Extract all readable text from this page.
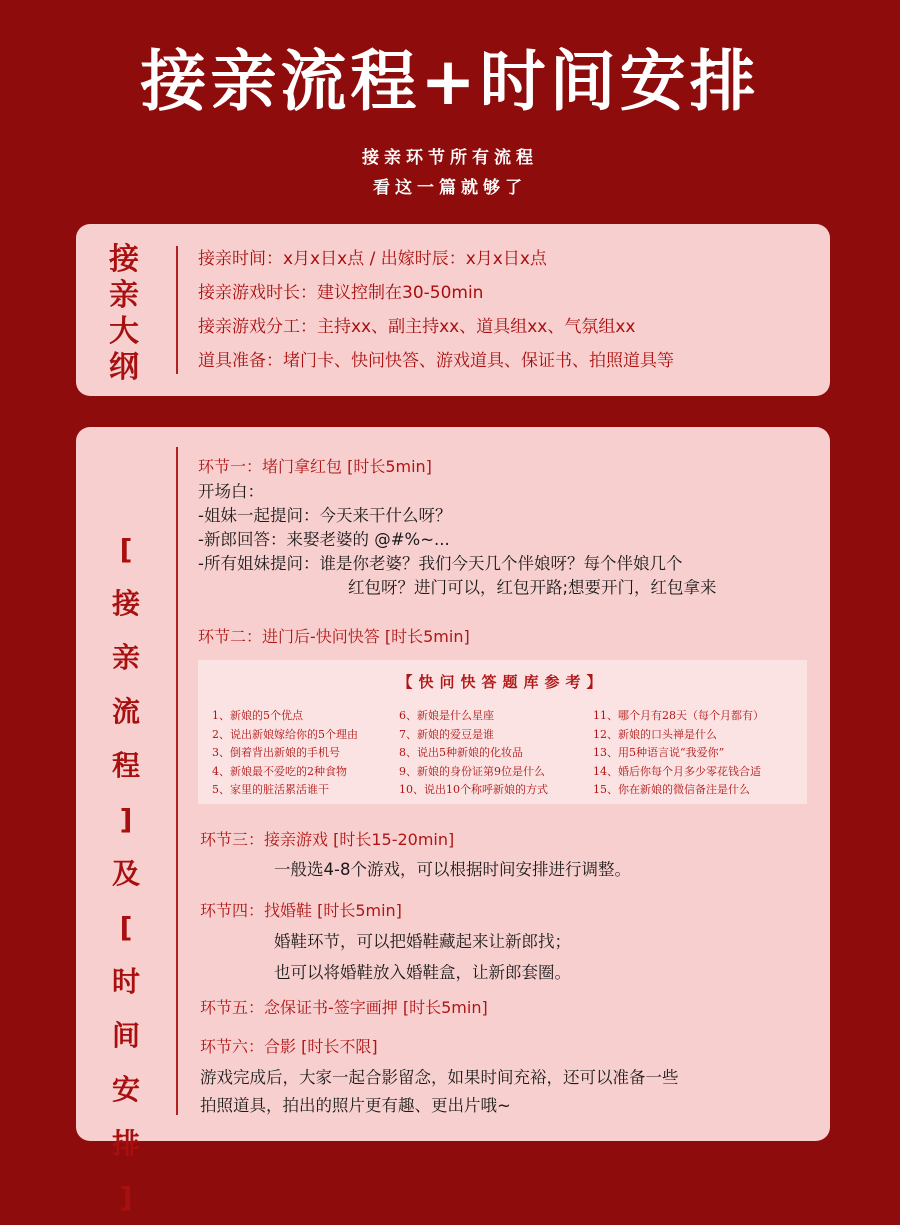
接亲流程+时间安排
接亲环节所有流程
看这一篇就够了
接
亲
大
纲
接亲时间：x月x日x点 / 出嫁时辰：x月x日x点
接亲游戏时长：建议控制在30-50min
接亲游戏分工：主持xx、副主持xx、道具组xx、气氛组xx
道具准备：堵门卡、快问快答、游戏道具、保证书、拍照道具等
[
接
亲
流
程
]
及
[
时
间
安
排
]
环节一：堵门拿红包 [时长5min]
开场白：
-姐妹一起提问：今天来干什么呀？
-新郎回答：来娶老婆的 @#%~...
-所有姐妹提问：谁是你老婆？我们今天几个伴娘呀？每个伴娘几个
红包呀？进门可以，红包开路;想要开门，红包拿来
环节二：进门后-快问快答 [时长5min]
【快问快答题库参考】
1、新娘的5个优点
2、说出新娘嫁给你的5个理由
3、倒着背出新娘的手机号
4、新娘最不爱吃的2种食物
5、家里的脏活累活谁干
6、新娘是什么星座
7、新娘的爱豆是谁
8、说出5种新娘的化妆品
9、新娘的身份证第9位是什么
10、说出10个称呼新娘的方式
11、哪个月有28天（每个月都有）
12、新娘的口头禅是什么
13、用5种语言说“我爱你”
14、婚后你每个月多少零花钱合适
15、你在新娘的微信备注是什么
环节三：接亲游戏 [时长15-20min]
一般选4-8个游戏，可以根据时间安排进行调整。
环节四：找婚鞋 [时长5min]
婚鞋环节，可以把婚鞋藏起来让新郎找；
也可以将婚鞋放入婚鞋盒，让新郎套圈。
环节五：念保证书-签字画押 [时长5min]
环节六：合影 [时长不限]
游戏完成后，大家一起合影留念，如果时间充裕，还可以准备一些
拍照道具，拍出的照片更有趣、更出片哦~
